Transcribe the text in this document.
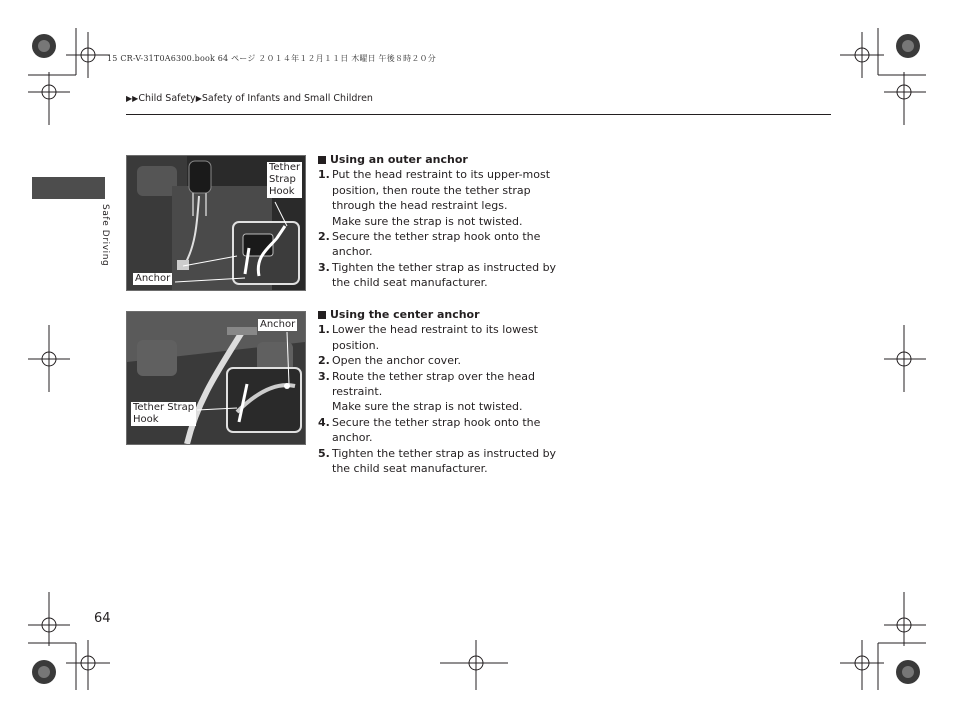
15 CR-V-31T0A6300.book 64 ページ ２０１４年１２月１１日 木曜日 午後８時２０分
▶▶Child Safety▶Safety of Infants and Small Children
Safe Driving
Tether
Strap
Hook
Anchor
Anchor
Tether Strap
Hook
Using an outer anchor
1. Put the head restraint to its upper-most position, then route the tether strap through the head restraint legs.
Make sure the strap is not twisted.
2. Secure the tether strap hook onto the anchor.
3. Tighten the tether strap as instructed by the child seat manufacturer.
Using the center anchor
1. Lower the head restraint to its lowest position.
2. Open the anchor cover.
3. Route the tether strap over the head restraint.
Make sure the strap is not twisted.
4. Secure the tether strap hook onto the anchor.
5. Tighten the tether strap as instructed by the child seat manufacturer.
64
